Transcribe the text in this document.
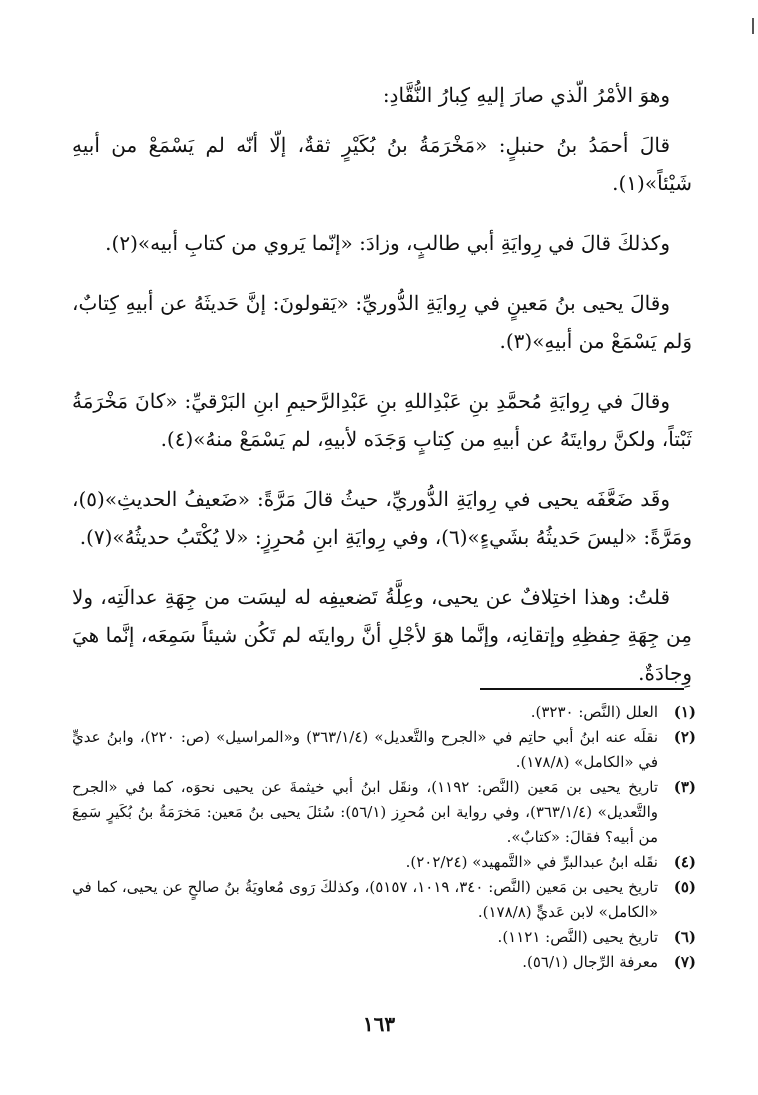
وهوَ الأمْرُ الّذي صارَ إليهِ كِبارُ النُّقَّادِ:

قالَ أحمَدُ بنُ حنبلٍ: «مَخْرَمَةُ بنُ بُكَيْرٍ ثقةٌ، إلّا أنّه لم يَسْمَعْ من أبيهِ شَيْئاً»(١).

وكذلكَ قالَ في رِوايَةِ أبي طالبٍ، وزادَ: «إنّما يَروي من كتابِ أبيه»(٢).

وقالَ يحيى بنُ مَعينٍ في رِوايَةِ الدُّوريِّ: «يَقولونَ: إنَّ حَديثَهُ عن أبيهِ كِتابٌ، وَلم يَسْمَعْ من أبيهِ»(٣).

وقالَ في رِوايَةِ مُحمَّدِ بنِ عَبْدِاللهِ بنِ عَبْدِالرَّحيمِ ابنِ البَرْقيِّ: «كانَ مَخْرَمَةُ ثَبْتاً، ولكنَّ روايتَهُ عن أبيهِ من كِتابٍ وَجَدَه لأبيهِ، لم يَسْمَعْ منهُ»(٤).

وقَد ضَعَّفَه يحيى في رِوايَةِ الدُّوريِّ، حيثُ قالَ مَرَّةً: «ضَعيفُ الحديثِ»(٥)، ومَرَّةً: «ليسَ حَديثُهُ بشَيءٍ»(٦)، وفي رِوايَةِ ابنِ مُحرِزٍ: «لا يُكْتَبُ حديثُهُ»(٧).

قلتُ: وهذا اختِلافٌ عن يحيى، وعِلَّةُ تَضعيفِه له ليسَت من جِهَةِ عدالَتِه، ولا مِن جِهَةِ حِفظِهِ وإتقانِه، وإنَّما هوَ لأجْلِ أنَّ روايتَه لم تَكُن شيئاً سَمِعَه، إنَّما هيَ وِجادَةٌ.

(١)
العلل (النَّص: ٣٢٣٠).
(٢)
نقلَه عنه ابنُ أبي حاتِم في «الجرح والتَّعديل» (٣٦٣/١/٤) و«المراسيل» (ص: ٢٢٠)، وابنُ عديٍّ في «الكامل» (١٧٨/٨).
(٣)
تاريخ يحيى بن مَعين (النَّص: ١١٩٢)، ونقَل ابنُ أبي خيثمةَ عن يحيى نحوَه، كما في «الجرح والتَّعديل» (٣٦٣/١/٤)، وفي رواية ابن مُحرِز (٥٦/١): سُئلَ يحيى بنُ مَعين: مَخرَمَةُ بنُ بُكَيرٍ سَمِعَ من أبيه؟ فقالَ: «كتابٌ».
(٤)
نقَله ابنُ عبدالبرِّ في «التَّمهيد» (٢٠٢/٢٤).
(٥)
تاريخ يحيى بن مَعين (النَّص: ٣٤٠، ١٠١٩، ٥١٥٧)، وكذلكَ رَوى مُعاويَةُ بنُ صالحٍ عن يحيى، كما في «الكامل» لابن عَديٍّ (١٧٨/٨).
(٦)
تاريخ يحيى (النَّص: ١١٢١).
(٧)
معرفة الرِّجال (٥٦/١).
١٦٣
